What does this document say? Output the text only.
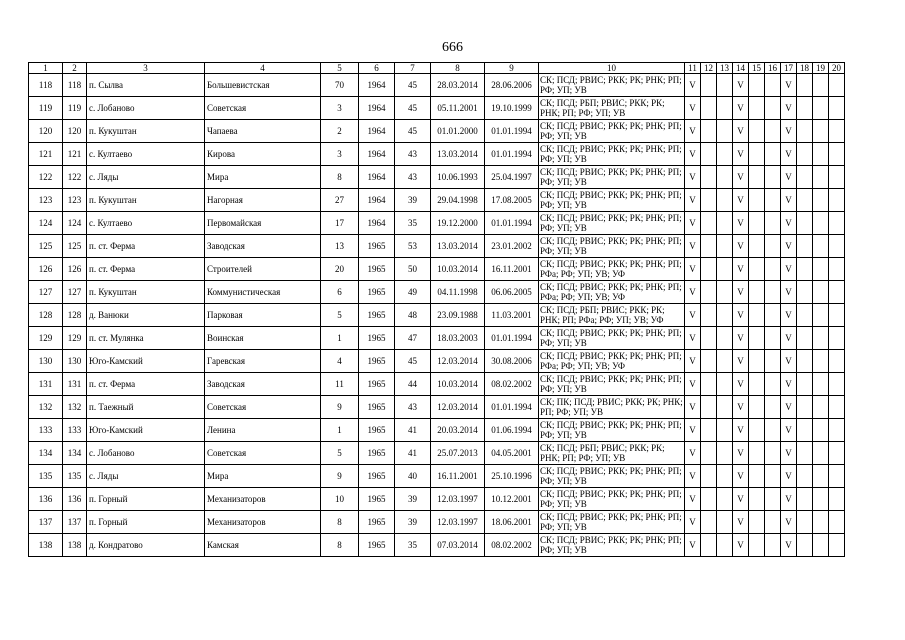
666
1	2	3	4	5	6	7	8	9	10	11	12	13	14	15	16	17	18	19	20
118	118	п. Сылва	Большевистская	70	1964	45	28.03.2014	28.06.2006	СК; ПСД; РВИС; РКК; РК; РНК; РП; РФ; УП; УВ	V			V			V			
119	119	с. Лобаново	Советская	3	1964	45	05.11.2001	19.10.1999	СК; ПСД; РБП; РВИС; РКК; РК; РНК; РП; РФ; УП; УВ	V			V			V			
120	120	п. Кукуштан	Чапаева	2	1964	45	01.01.2000	01.01.1994	СК; ПСД; РВИС; РКК; РК; РНК; РП; РФ; УП; УВ	V			V			V			
121	121	с. Култаево	Кирова	3	1964	43	13.03.2014	01.01.1994	СК; ПСД; РВИС; РКК; РК; РНК; РП; РФ; УП; УВ	V			V			V			
122	122	с. Ляды	Мира	8	1964	43	10.06.1993	25.04.1997	СК; ПСД; РВИС; РКК; РК; РНК; РП; РФ; УП; УВ	V			V			V			
123	123	п. Кукуштан	Нагорная	27	1964	39	29.04.1998	17.08.2005	СК; ПСД; РВИС; РКК; РК; РНК; РП; РФ; УП; УВ	V			V			V			
124	124	с. Култаево	Первомайская	17	1964	35	19.12.2000	01.01.1994	СК; ПСД; РВИС; РКК; РК; РНК; РП; РФ; УП; УВ	V			V			V			
125	125	п. ст. Ферма	Заводская	13	1965	53	13.03.2014	23.01.2002	СК; ПСД; РВИС; РКК; РК; РНК; РП; РФ; УП; УВ	V			V			V			
126	126	п. ст. Ферма	Строителей	20	1965	50	10.03.2014	16.11.2001	СК; ПСД; РВИС; РКК; РК; РНК; РП; РФа; РФ; УП; УВ; УФ	V			V			V			
127	127	п. Кукуштан	Коммунистическая	6	1965	49	04.11.1998	06.06.2005	СК; ПСД; РВИС; РКК; РК; РНК; РП; РФа; РФ; УП; УВ; УФ	V			V			V			
128	128	д. Ванюки	Парковая	5	1965	48	23.09.1988	11.03.2001	СК; ПСД; РБП; РВИС; РКК; РК; РНК; РП; РФа; РФ; УП; УВ; УФ	V			V			V			
129	129	п. ст. Мулянка	Воинская	1	1965	47	18.03.2003	01.01.1994	СК; ПСД; РВИС; РКК; РК; РНК; РП; РФ; УП; УВ	V			V			V			
130	130	Юго-Камский	Гаревская	4	1965	45	12.03.2014	30.08.2006	СК; ПСД; РВИС; РКК; РК; РНК; РП; РФа; РФ; УП; УВ; УФ	V			V			V			
131	131	п. ст. Ферма	Заводская	11	1965	44	10.03.2014	08.02.2002	СК; ПСД; РВИС; РКК; РК; РНК; РП; РФ; УП; УВ	V			V			V			
132	132	п. Таежный	Советская	9	1965	43	12.03.2014	01.01.1994	СК; ПК; ПСД; РВИС; РКК; РК; РНК; РП; РФ; УП; УВ	V			V			V			
133	133	Юго-Камский	Ленина	1	1965	41	20.03.2014	01.06.1994	СК; ПСД; РВИС; РКК; РК; РНК; РП; РФ; УП; УВ	V			V			V			
134	134	с. Лобаново	Советская	5	1965	41	25.07.2013	04.05.2001	СК; ПСД; РБП; РВИС; РКК; РК; РНК; РП; РФ; УП; УВ	V			V			V			
135	135	с. Ляды	Мира	9	1965	40	16.11.2001	25.10.1996	СК; ПСД; РВИС; РКК; РК; РНК; РП; РФ; УП; УВ	V			V			V			
136	136	п. Горный	Механизаторов	10	1965	39	12.03.1997	10.12.2001	СК; ПСД; РВИС; РКК; РК; РНК; РП; РФ; УП; УВ	V			V			V			
137	137	п. Горный	Механизаторов	8	1965	39	12.03.1997	18.06.2001	СК; ПСД; РВИС; РКК; РК; РНК; РП; РФ; УП; УВ	V			V			V			
138	138	д. Кондратово	Камская	8	1965	35	07.03.2014	08.02.2002	СК; ПСД; РВИС; РКК; РК; РНК; РП; РФ; УП; УВ	V			V			V			
